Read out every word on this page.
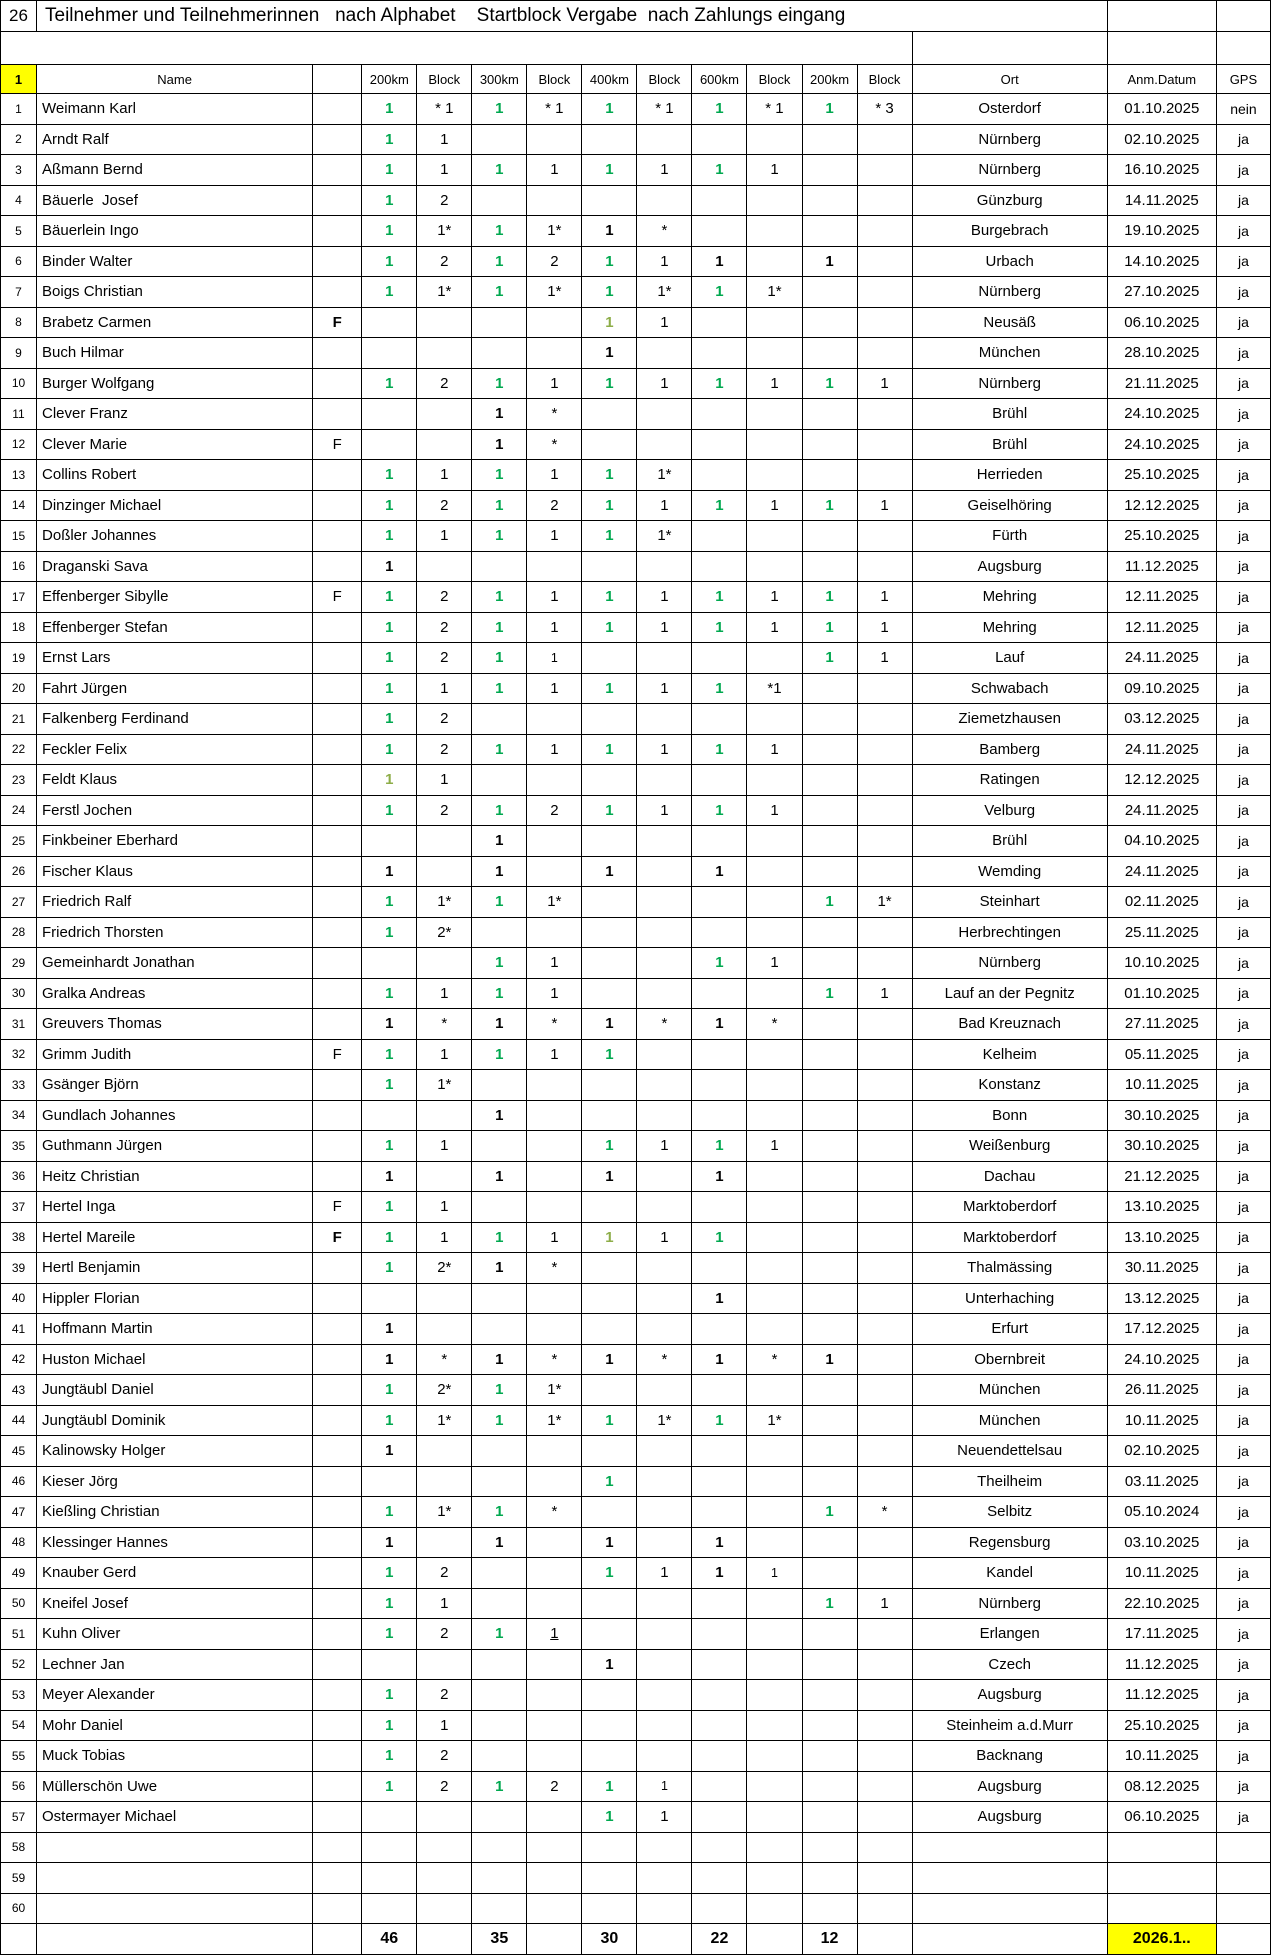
26	Teilnehmer und Teilnehmerinnen   nach Alphabet    Startblock Vergabe  nach Zahlungs eingang														

1	Name		200km	Block	300km	Block	400km	Block	600km	Block	200km	Block	Ort	Anm.Datum	GPS
1	Weimann Karl		1	* 1	1	* 1	1	* 1	1	* 1	1	* 3	Osterdorf	01.10.2025	nein
2	Arndt Ralf		1	1									Nürnberg	02.10.2025	ja
3	Aßmann Bernd		1	1	1	1	1	1	1	1			Nürnberg	16.10.2025	ja
4	Bäuerle  Josef		1	2									Günzburg	14.11.2025	ja
5	Bäuerlein Ingo		1	1*	1	1*	1	*					Burgebrach	19.10.2025	ja
6	Binder Walter		1	2	1	2	1	1	1		1		Urbach	14.10.2025	ja
7	Boigs Christian		1	1*	1	1*	1	1*	1	1*			Nürnberg	27.10.2025	ja
8	Brabetz Carmen	F					1	1					Neusäß	06.10.2025	ja
9	Buch Hilmar						1						München	28.10.2025	ja
10	Burger Wolfgang		1	2	1	1	1	1	1	1	1	1	Nürnberg	21.11.2025	ja
11	Clever Franz				1	*							Brühl	24.10.2025	ja
12	Clever Marie	F			1	*							Brühl	24.10.2025	ja
13	Collins Robert		1	1	1	1	1	1*					Herrieden	25.10.2025	ja
14	Dinzinger Michael		1	2	1	2	1	1	1	1	1	1	Geiselhöring	12.12.2025	ja
15	Doßler Johannes		1	1	1	1	1	1*					Fürth	25.10.2025	ja
16	Draganski Sava		1										Augsburg	11.12.2025	ja
17	Effenberger Sibylle	F	1	2	1	1	1	1	1	1	1	1	Mehring	12.11.2025	ja
18	Effenberger Stefan		1	2	1	1	1	1	1	1	1	1	Mehring	12.11.2025	ja
19	Ernst Lars		1	2	1	1					1	1	Lauf	24.11.2025	ja
20	Fahrt Jürgen		1	1	1	1	1	1	1	*1			Schwabach	09.10.2025	ja
21	Falkenberg Ferdinand		1	2									Ziemetzhausen	03.12.2025	ja
22	Feckler Felix		1	2	1	1	1	1	1	1			Bamberg	24.11.2025	ja
23	Feldt Klaus		1	1									Ratingen	12.12.2025	ja
24	Ferstl Jochen		1	2	1	2	1	1	1	1			Velburg	24.11.2025	ja
25	Finkbeiner Eberhard				1								Brühl	04.10.2025	ja
26	Fischer Klaus		1		1		1		1				Wemding	24.11.2025	ja
27	Friedrich Ralf		1	1*	1	1*					1	1*	Steinhart	02.11.2025	ja
28	Friedrich Thorsten		1	2*									Herbrechtingen	25.11.2025	ja
29	Gemeinhardt Jonathan				1	1			1	1			Nürnberg	10.10.2025	ja
30	Gralka Andreas		1	1	1	1					1	1	Lauf an der Pegnitz	01.10.2025	ja
31	Greuvers Thomas		1	*	1	*	1	*	1	*			Bad Kreuznach	27.11.2025	ja
32	Grimm Judith	F	1	1	1	1	1						Kelheim	05.11.2025	ja
33	Gsänger Björn		1	1*									Konstanz	10.11.2025	ja
34	Gundlach Johannes				1								Bonn	30.10.2025	ja
35	Guthmann Jürgen		1	1			1	1	1	1			Weißenburg	30.10.2025	ja
36	Heitz Christian		1		1		1		1				Dachau	21.12.2025	ja
37	Hertel Inga	F	1	1									Marktoberdorf	13.10.2025	ja
38	Hertel Mareile	F	1	1	1	1	1	1	1				Marktoberdorf	13.10.2025	ja
39	Hertl Benjamin		1	2*	1	*							Thalmässing	30.11.2025	ja
40	Hippler Florian								1				Unterhaching	13.12.2025	ja
41	Hoffmann Martin		1										Erfurt	17.12.2025	ja
42	Huston Michael		1	*	1	*	1	*	1	*	1		Obernbreit	24.10.2025	ja
43	Jungtäubl Daniel		1	2*	1	1*							München	26.11.2025	ja
44	Jungtäubl Dominik		1	1*	1	1*	1	1*	1	1*			München	10.11.2025	ja
45	Kalinowsky Holger		1										Neuendettelsau	02.10.2025	ja
46	Kieser Jörg						1						Theilheim	03.11.2025	ja
47	Kießling Christian		1	1*	1	*					1	*	Selbitz	05.10.2024	ja
48	Klessinger Hannes		1		1		1		1				Regensburg	03.10.2025	ja
49	Knauber Gerd		1	2			1	1	1	1			Kandel	10.11.2025	ja
50	Kneifel Josef		1	1							1	1	Nürnberg	22.10.2025	ja
51	Kuhn Oliver		1	2	1	1							Erlangen	17.11.2025	ja
52	Lechner Jan						1						Czech	11.12.2025	ja
53	Meyer Alexander		1	2									Augsburg	11.12.2025	ja
54	Mohr Daniel		1	1									Steinheim a.d.Murr	25.10.2025	ja
55	Muck Tobias		1	2									Backnang	10.11.2025	ja
56	Müllerschön Uwe		1	2	1	2	1	1					Augsburg	08.12.2025	ja
57	Ostermayer Michael						1	1					Augsburg	06.10.2025	ja
58															
59															
60															
			46		35		30		22		12			2026.1..	
